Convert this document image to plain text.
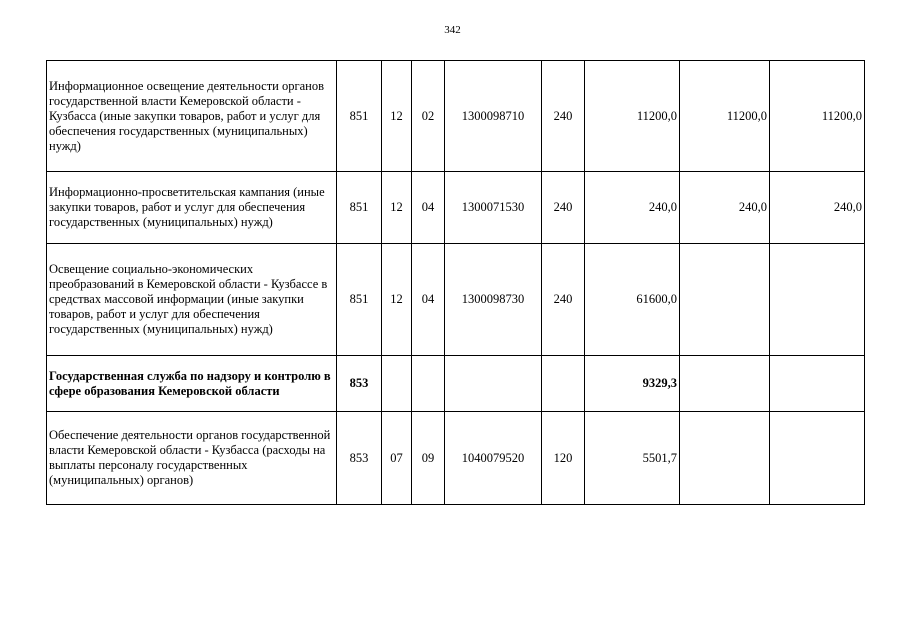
342
Информационное освещение деятельности органов государственной власти Кемеровской области - Кузбасса (иные закупки товаров, работ и услуг для обеспечения государственных (муниципальных) нужд)	851	12	02	1300098710	240	11200,0	11200,0	11200,0
Информационно-просветительская кампания (иные закупки товаров, работ и услуг для обеспечения государственных (муниципальных) нужд)	851	12	04	1300071530	240	240,0	240,0	240,0
Освещение социально-экономических преобразований в Кемеровской области - Кузбассе в средствах массовой информации (иные закупки товаров, работ и услуг для обеспечения государственных (муниципальных) нужд)	851	12	04	1300098730	240	61600,0		
Государственная служба по надзору и контролю в сфере образования Кемеровской области	853					9329,3		
Обеспечение деятельности органов государственной власти Кемеровской области - Кузбасса (расходы на выплаты персоналу государственных (муниципальных) органов)	853	07	09	1040079520	120	5501,7		
